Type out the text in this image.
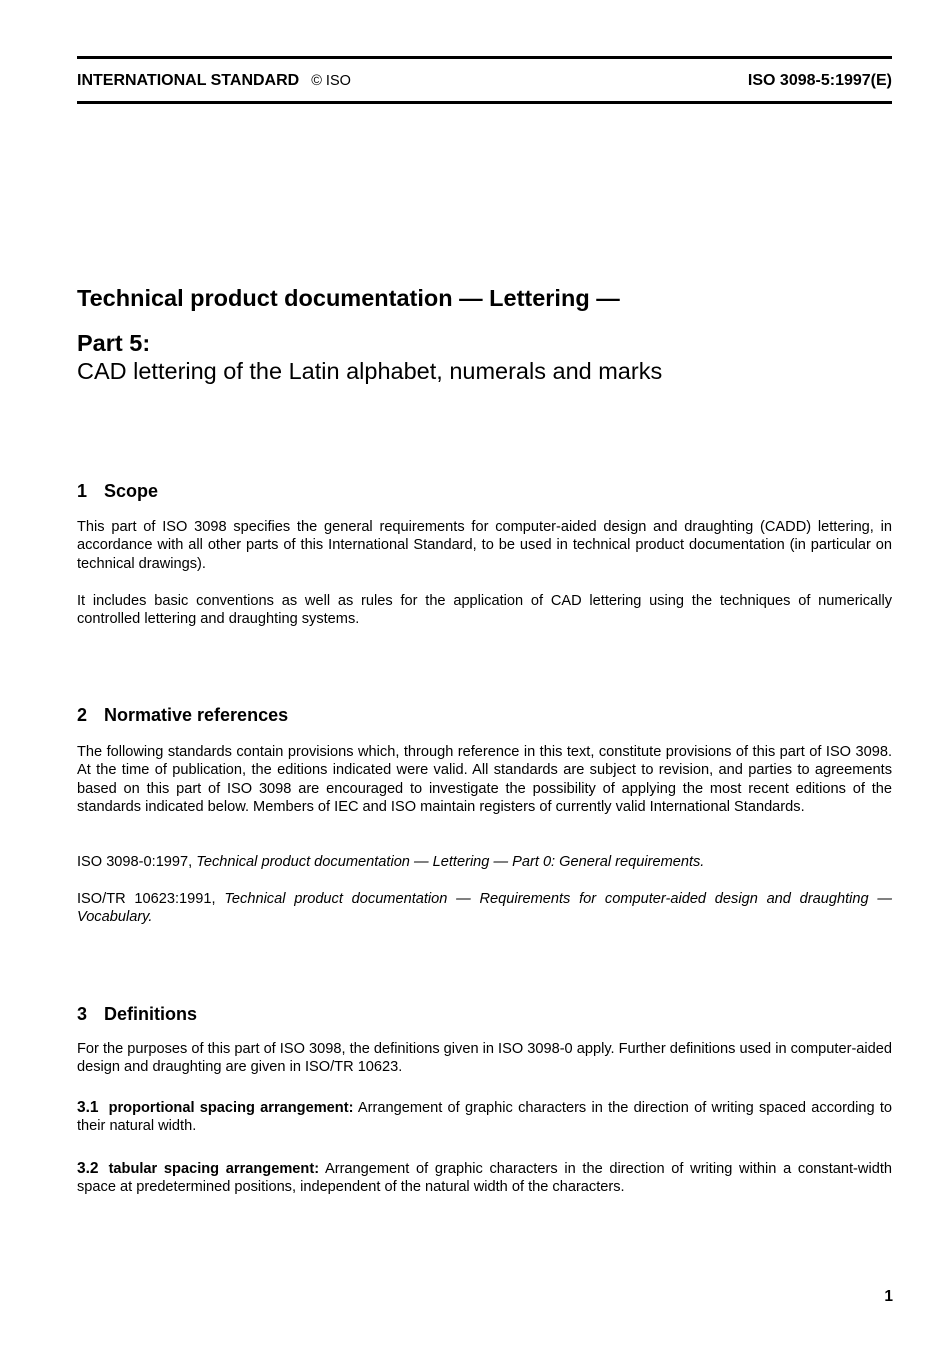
INTERNATIONAL STANDARD © ISO	ISO 3098-5:1997(E)
Technical product documentation — Lettering —
Part 5:
CAD lettering of the Latin alphabet, numerals and marks
1 Scope

This part of ISO 3098 specifies the general requirements for computer-aided design and draughting (CADD) lettering, in accordance with all other parts of this International Standard, to be used in technical product documentation (in particular on technical drawings).

It includes basic conventions as well as rules for the application of CAD lettering using the techniques of numerically controlled lettering and draughting systems.

2 Normative references

The following standards contain provisions which, through reference in this text, constitute provisions of this part of ISO 3098. At the time of publication, the editions indicated were valid. All standards are subject to revision, and parties to agreements based on this part of ISO 3098 are encouraged to investigate the possibility of applying the most recent editions of the standards indicated below. Members of IEC and ISO maintain registers of currently valid International Standards.

ISO 3098-0:1997, Technical product documentation — Lettering — Part 0: General requirements.

ISO/TR 10623:1991, Technical product documentation — Requirements for computer-aided design and draughting — Vocabulary.

3 Definitions

For the purposes of this part of ISO 3098, the definitions given in ISO 3098-0 apply. Further definitions used in computer-aided design and draughting are given in ISO/TR 10623.

3.1 proportional spacing arrangement: Arrangement of graphic characters in the direction of writing spaced according to their natural width.

3.2 tabular spacing arrangement: Arrangement of graphic characters in the direction of writing within a constant-width space at predetermined positions, independent of the natural width of the characters.

1
